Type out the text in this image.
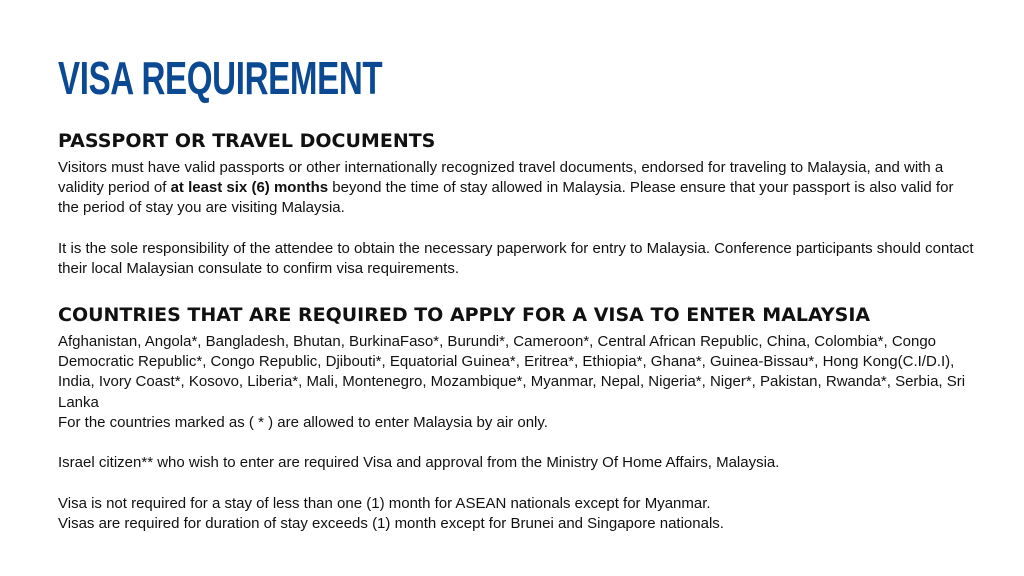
VISA REQUIREMENT
PASSPORT OR TRAVEL DOCUMENTS

Visitors must have valid passports or other internationally recognized travel documents, endorsed for traveling to Malaysia, and with a validity period of at least six (6) months beyond the time of stay allowed in Malaysia. Please ensure that your passport is also valid for the period of stay you are visiting Malaysia.

It is the sole responsibility of the attendee to obtain the necessary paperwork for entry to Malaysia. Conference participants should contact their local Malaysian consulate to confirm visa requirements.

COUNTRIES THAT ARE REQUIRED TO APPLY FOR A VISA TO ENTER MALAYSIA

Afghanistan, Angola*, Bangladesh, Bhutan, BurkinaFaso*, Burundi*, Cameroon*, Central African Republic, China, Colombia*, Congo Democratic Republic*, Congo Republic, Djibouti*, Equatorial Guinea*, Eritrea*, Ethiopia*, Ghana*, Guinea-Bissau*, Hong Kong(C.I/D.I), India, Ivory Coast*, Kosovo, Liberia*, Mali, Montenegro, Mozambique*, Myanmar, Nepal, Nigeria*, Niger*, Pakistan, Rwanda*, Serbia, Sri Lanka

For the countries marked as ( * ) are allowed to enter Malaysia by air only.

Israel citizen** who wish to enter are required Visa and approval from the Ministry Of Home Affairs, Malaysia.

Visa is not required for a stay of less than one (1) month for ASEAN nationals except for Myanmar.

Visas are required for duration of stay exceeds (1) month except for Brunei and Singapore nationals.
